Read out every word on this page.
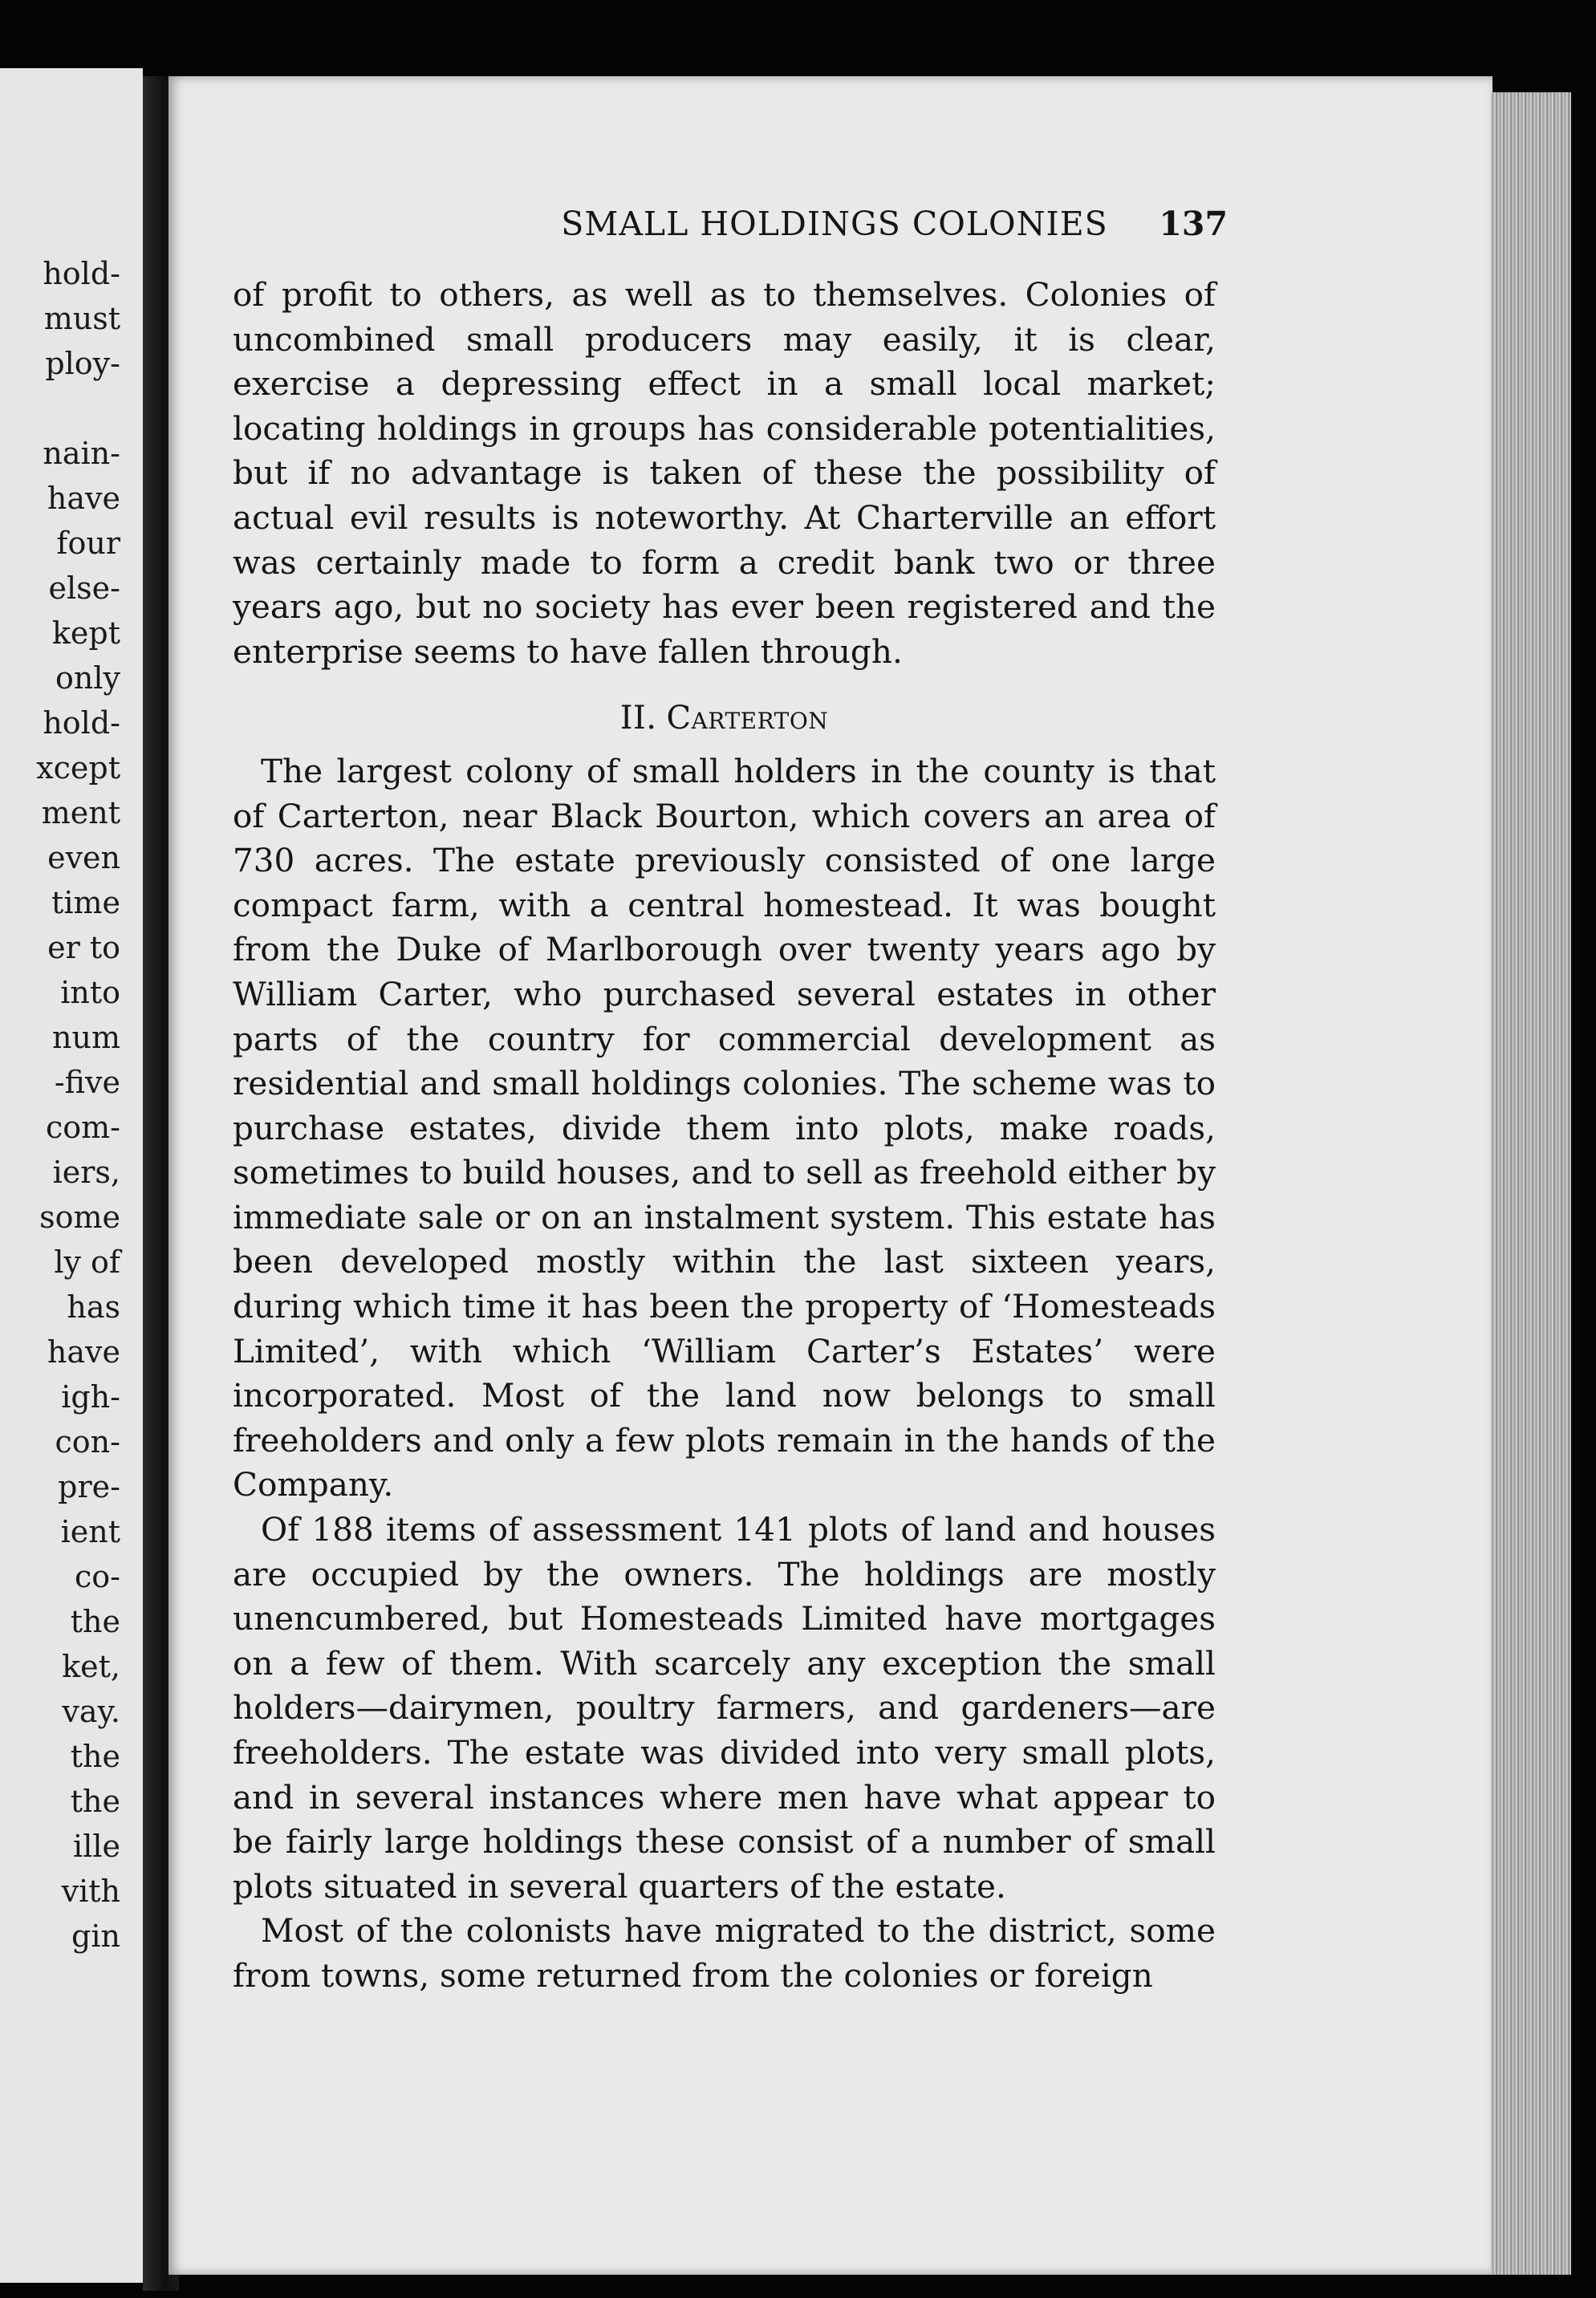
hold-
must
ploy-
nain-
have
four
else-
kept
only
hold-
xcept
ment
even
time
er to
into
num
-five
com-
iers,
some
ly of
has
have
igh-
con-
pre-
ient
co-
the
ket,
vay.
the
the
ille
vith
gin
SMALL HOLDINGS COLONIES	137

of profit to others, as well as to themselves. Colonies of uncombined small producers may easily, it is clear, exercise a depressing effect in a small local market; locating holdings in groups has considerable potentialities, but if no advantage is taken of these the possibility of actual evil results is noteworthy. At Charterville an effort was certainly made to form a credit bank two or three years ago, but no society has ever been registered and the enterprise seems to have fallen through.

II. Carterton

The largest colony of small holders in the county is that of Carterton, near Black Bourton, which covers an area of 730 acres. The estate previously consisted of one large compact farm, with a central homestead. It was bought from the Duke of Marlborough over twenty years ago by William Carter, who purchased several estates in other parts of the country for commercial development as residential and small holdings colonies. The scheme was to purchase estates, divide them into plots, make roads, sometimes to build houses, and to sell as freehold either by immediate sale or on an instalment system. This estate has been developed mostly within the last sixteen years, during which time it has been the property of ‘Homesteads Limited’, with which ‘William Carter’s Estates’ were incorporated. Most of the land now belongs to small freeholders and only a few plots remain in the hands of the Company.

Of 188 items of assessment 141 plots of land and houses are occupied by the owners. The holdings are mostly unencumbered, but Homesteads Limited have mortgages on a few of them. With scarcely any exception the small holders—dairymen, poultry farmers, and gardeners—are freeholders. The estate was divided into very small plots, and in several instances where men have what appear to be fairly large holdings these consist of a number of small plots situated in several quarters of the estate.

Most of the colonists have migrated to the district, some from towns, some returned from the colonies or foreign
